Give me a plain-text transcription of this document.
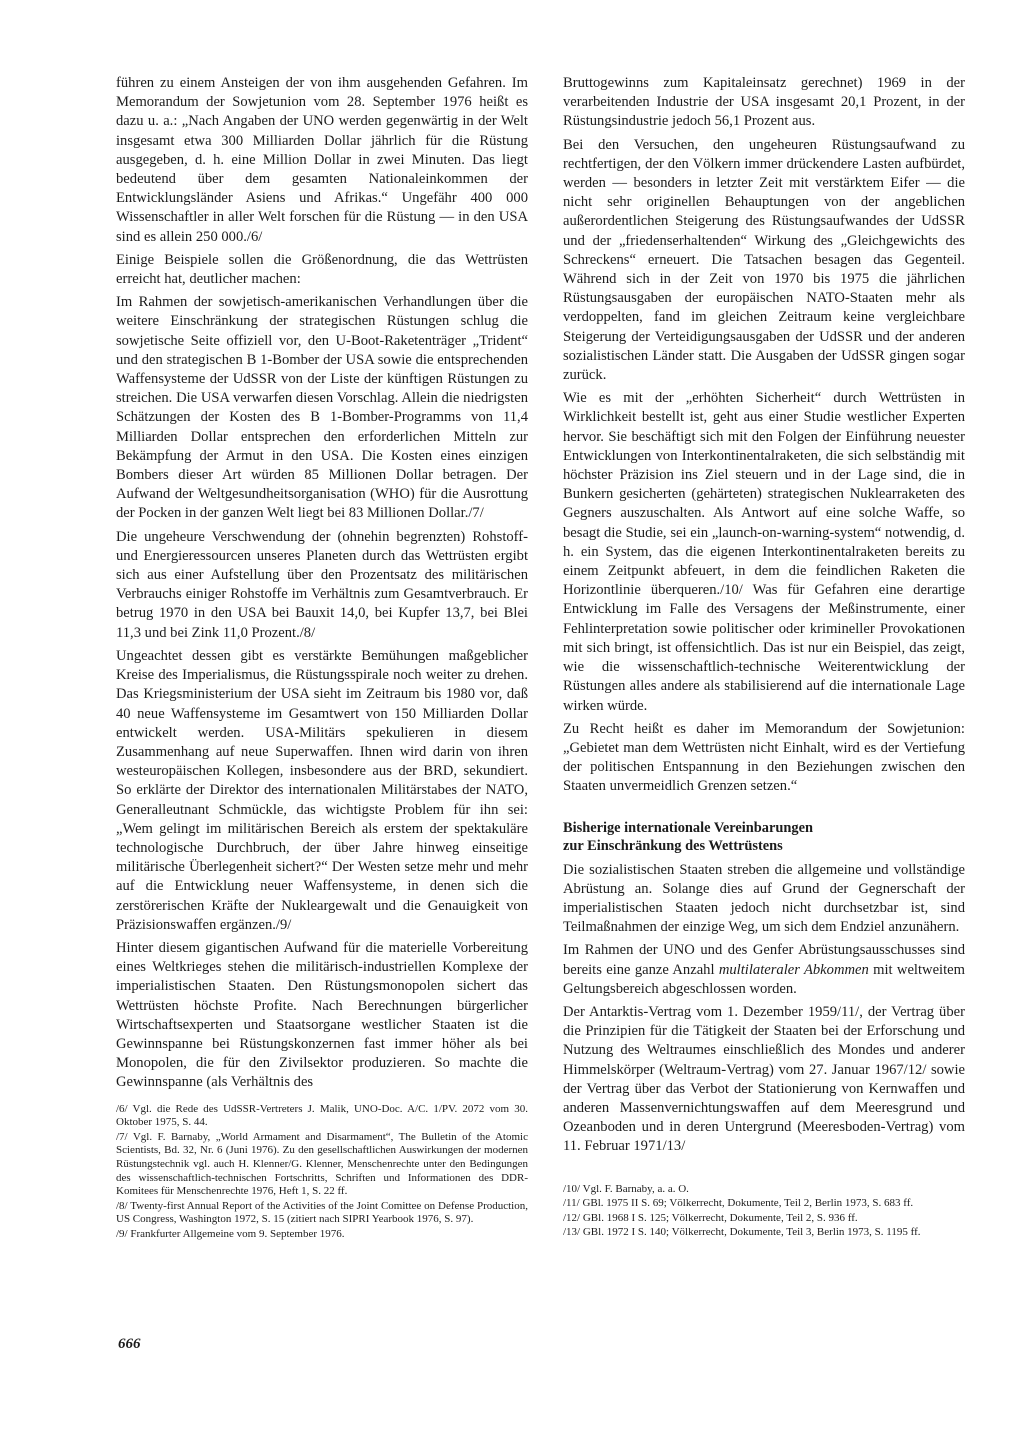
führen zu einem Ansteigen der von ihm ausgehenden Gefahren. Im Memorandum der Sowjetunion vom 28. September 1976 heißt es dazu u. a.: „Nach Angaben der UNO werden gegenwärtig in der Welt insgesamt etwa 300 Milliarden Dollar jährlich für die Rüstung ausgegeben, d. h. eine Million Dollar in zwei Minuten. Das liegt bedeutend über dem gesamten Nationaleinkommen der Entwicklungsländer Asiens und Afrikas.“ Ungefähr 400 000 Wissenschaftler in aller Welt forschen für die Rüstung — in den USA sind es allein 250 000./6/

Einige Beispiele sollen die Größenordnung, die das Wettrüsten erreicht hat, deutlicher machen:

Im Rahmen der sowjetisch-amerikanischen Verhandlungen über die weitere Einschränkung der strategischen Rüstungen schlug die sowjetische Seite offiziell vor, den U-Boot-Raketenträger „Trident“ und den strategischen B 1-Bomber der USA sowie die entsprechenden Waffensysteme der UdSSR von der Liste der künftigen Rüstungen zu streichen. Die USA verwarfen diesen Vorschlag. Allein die niedrigsten Schätzungen der Kosten des B 1-Bomber-Programms von 11,4 Milliarden Dollar entsprechen den erforderlichen Mitteln zur Bekämpfung der Armut in den USA. Die Kosten eines einzigen Bombers dieser Art würden 85 Millionen Dollar betragen. Der Aufwand der Weltgesundheitsorganisation (WHO) für die Ausrottung der Pocken in der ganzen Welt liegt bei 83 Millionen Dollar./7/

Die ungeheure Verschwendung der (ohnehin begrenzten) Rohstoff- und Energieressourcen unseres Planeten durch das Wettrüsten ergibt sich aus einer Aufstellung über den Prozentsatz des militärischen Verbrauchs einiger Rohstoffe im Verhältnis zum Gesamtverbrauch. Er betrug 1970 in den USA bei Bauxit 14,0, bei Kupfer 13,7, bei Blei 11,3 und bei Zink 11,0 Prozent./8/

Ungeachtet dessen gibt es verstärkte Bemühungen maßgeblicher Kreise des Imperialismus, die Rüstungsspirale noch weiter zu drehen. Das Kriegsministerium der USA sieht im Zeitraum bis 1980 vor, daß 40 neue Waffensysteme im Gesamtwert von 150 Milliarden Dollar entwickelt werden. USA-Militärs spekulieren in diesem Zusammenhang auf neue Superwaffen. Ihnen wird darin von ihren westeuropäischen Kollegen, insbesondere aus der BRD, sekundiert. So erklärte der Direktor des internationalen Militärstabes der NATO, Generalleutnant Schmückle, das wichtigste Problem für ihn sei: „Wem gelingt im militärischen Bereich als erstem der spektakuläre technologische Durchbruch, der über Jahre hinweg einseitige militärische Überlegenheit sichert?“ Der Westen setze mehr und mehr auf die Entwicklung neuer Waffensysteme, in denen sich die zerstörerischen Kräfte der Nukleargewalt und die Genauigkeit von Präzisionswaffen ergänzen./9/

Hinter diesem gigantischen Aufwand für die materielle Vorbereitung eines Weltkrieges stehen die militärisch-industriellen Komplexe der imperialistischen Staaten. Den Rüstungsmonopolen sichert das Wettrüsten höchste Profite. Nach Berechnungen bürgerlicher Wirtschaftsexperten und Staatsorgane westlicher Staaten ist die Gewinnspanne bei Rüstungskonzernen fast immer höher als bei Monopolen, die für den Zivilsektor produzieren. So machte die Gewinnspanne (als Verhältnis des

/6/ Vgl. die Rede des UdSSR-Vertreters J. Malik, UNO-Doc. A/C. 1/PV. 2072 vom 30. Oktober 1975, S. 44.

/7/ Vgl. F. Barnaby, „World Armament and Disarmament“, The Bulletin of the Atomic Scientists, Bd. 32, Nr. 6 (Juni 1976). Zu den gesellschaftlichen Auswirkungen der modernen Rüstungstechnik vgl. auch H. Klenner/G. Klenner, Menschenrechte unter den Bedingungen des wissenschaftlich-technischen Fortschritts, Schriften und Informationen des DDR-Komitees für Menschenrechte 1976, Heft 1, S. 22 ff.

/8/ Twenty-first Annual Report of the Activities of the Joint Comittee on Defense Production, US Congress, Washington 1972, S. 15 (zitiert nach SIPRI Yearbook 1976, S. 97).

/9/ Frankfurter Allgemeine vom 9. September 1976.

Bruttogewinns zum Kapitaleinsatz gerechnet) 1969 in der verarbeitenden Industrie der USA insgesamt 20,1 Prozent, in der Rüstungsindustrie jedoch 56,1 Prozent aus.

Bei den Versuchen, den ungeheuren Rüstungsaufwand zu rechtfertigen, der den Völkern immer drückendere Lasten aufbürdet, werden — besonders in letzter Zeit mit verstärktem Eifer — die nicht sehr originellen Behauptungen von der angeblichen außerordentlichen Steigerung des Rüstungsaufwandes der UdSSR und der „friedenserhaltenden“ Wirkung des „Gleichgewichts des Schreckens“ erneuert. Die Tatsachen besagen das Gegenteil. Während sich in der Zeit von 1970 bis 1975 die jährlichen Rüstungsausgaben der europäischen NATO-Staaten mehr als verdoppelten, fand im gleichen Zeitraum keine vergleichbare Steigerung der Verteidigungsausgaben der UdSSR und der anderen sozialistischen Länder statt. Die Ausgaben der UdSSR gingen sogar zurück.

Wie es mit der „erhöhten Sicherheit“ durch Wettrüsten in Wirklichkeit bestellt ist, geht aus einer Studie westlicher Experten hervor. Sie beschäftigt sich mit den Folgen der Einführung neuester Entwicklungen von Interkontinentalraketen, die sich selbständig mit höchster Präzision ins Ziel steuern und in der Lage sind, die in Bunkern gesicherten (gehärteten) strategischen Nuklearraketen des Gegners auszuschalten. Als Antwort auf eine solche Waffe, so besagt die Studie, sei ein „launch-on-warning-system“ notwendig, d. h. ein System, das die eigenen Interkontinentalraketen bereits zu einem Zeitpunkt abfeuert, in dem die feindlichen Raketen die Horizontlinie überqueren./10/ Was für Gefahren eine derartige Entwicklung im Falle des Versagens der Meßinstrumente, einer Fehlinterpretation sowie politischer oder krimineller Provokationen mit sich bringt, ist offensichtlich. Das ist nur ein Beispiel, das zeigt, wie die wissenschaftlich-technische Weiterentwicklung der Rüstungen alles andere als stabilisierend auf die internationale Lage wirken würde.

Zu Recht heißt es daher im Memorandum der Sowjetunion: „Gebietet man dem Wettrüsten nicht Einhalt, wird es der Vertiefung der politischen Entspannung in den Beziehungen zwischen den Staaten unvermeidlich Grenzen setzen.“

Bisherige internationale Vereinbarungen
zur Einschränkung des Wettrüstens

Die sozialistischen Staaten streben die allgemeine und vollständige Abrüstung an. Solange dies auf Grund der Gegnerschaft der imperialistischen Staaten jedoch nicht durchsetzbar ist, sind Teilmaßnahmen der einzige Weg, um sich dem Endziel anzunähern.

Im Rahmen der UNO und des Genfer Abrüstungsausschusses sind bereits eine ganze Anzahl multilateraler Abkommen mit weltweitem Geltungsbereich abgeschlossen worden.

Der Antarktis-Vertrag vom 1. Dezember 1959/11/, der Vertrag über die Prinzipien für die Tätigkeit der Staaten bei der Erforschung und Nutzung des Weltraumes einschließlich des Mondes und anderer Himmelskörper (Weltraum-Vertrag) vom 27. Januar 1967/12/ sowie der Vertrag über das Verbot der Stationierung von Kernwaffen und anderen Massenvernichtungswaffen auf dem Meeresgrund und Ozeanboden und in deren Untergrund (Meeresboden-Vertrag) vom 11. Februar 1971/13/

/10/ Vgl. F. Barnaby, a. a. O.

/11/ GBl. 1975 II S. 69; Völkerrecht, Dokumente, Teil 2, Berlin 1973, S. 683 ff.

/12/ GBl. 1968 I S. 125; Völkerrecht, Dokumente, Teil 2, S. 936 ff.

/13/ GBl. 1972 I S. 140; Völkerrecht, Dokumente, Teil 3, Berlin 1973, S. 1195 ff.

666
